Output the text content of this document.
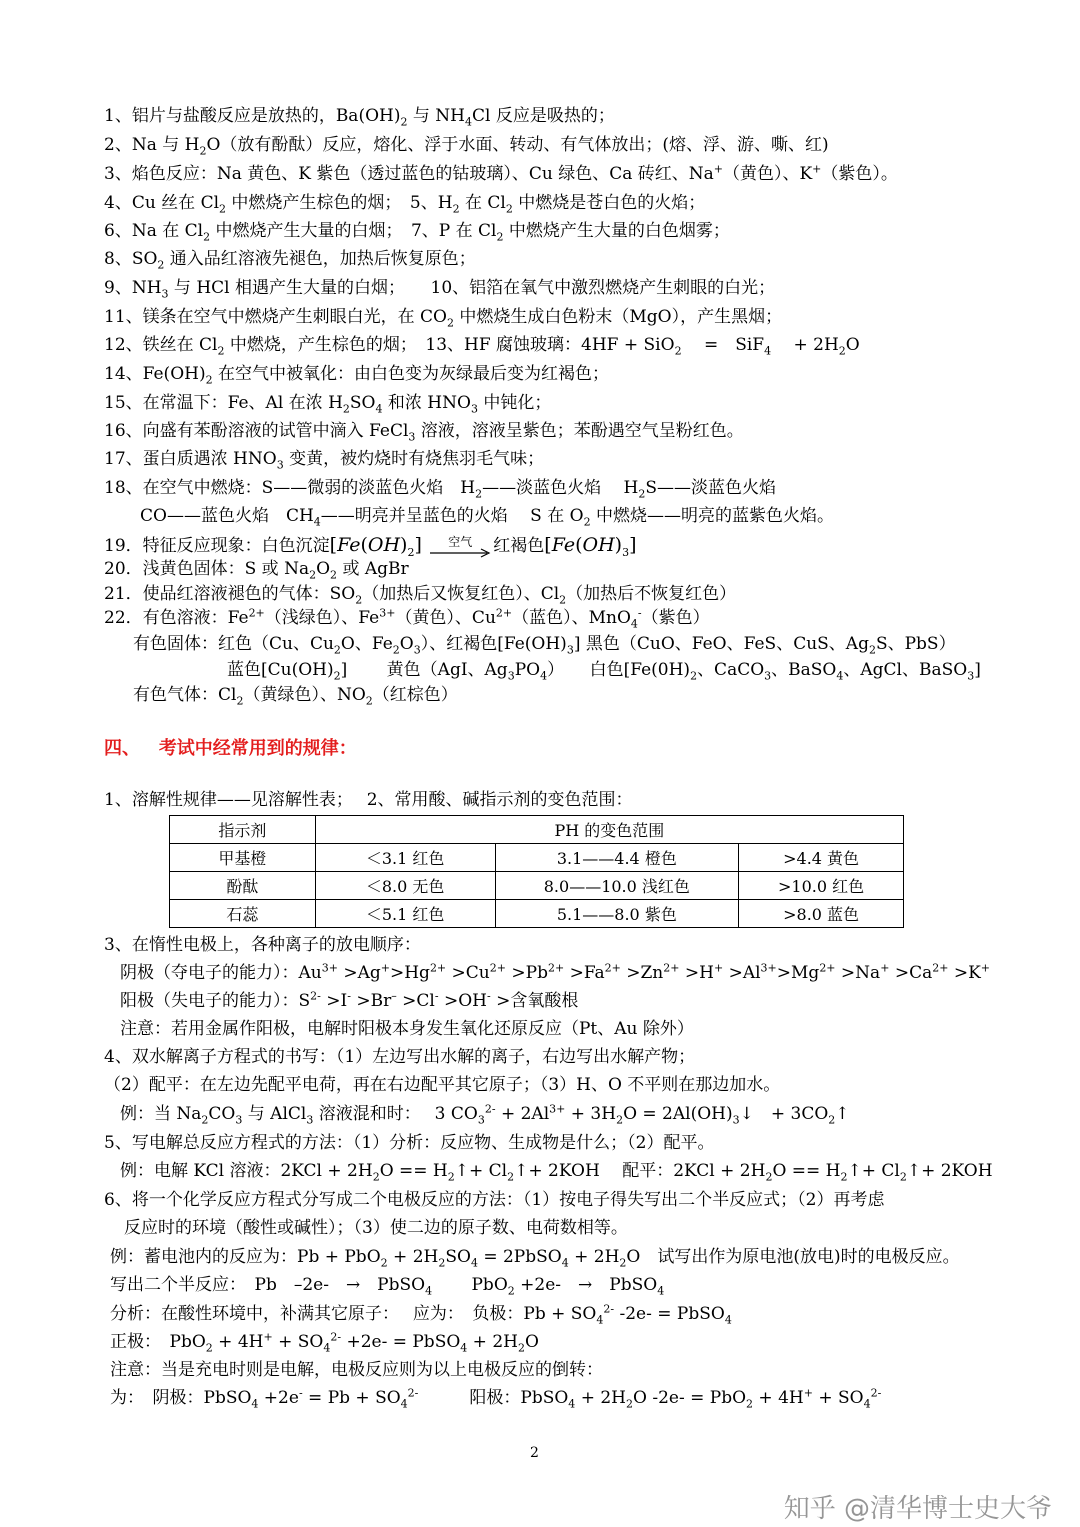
1、铝片与盐酸反应是放热的，$Ba(OH)_2$ 与 $NH_4Cl$ 反应是吸热的；
2、Na 与 $H_2O$（放有酚酞）反应，熔化、浮于水面、转动、有气体放出；(熔、浮、游、嘶、红)
3、焰色反应：Na 黄色、K 紫色（透过蓝色的钴玻璃）、Cu 绿色、Ca 砖红、Na+（黄色）、K+（紫色）。
4、Cu 丝在 $Cl_2$ 中燃烧产生棕色的烟；　5、$H_2$ 在 $Cl_2$ 中燃烧是苍白色的火焰；
6、Na 在 $Cl_2$ 中燃烧产生大量的白烟；　7、P 在 $Cl_2$ 中燃烧产生大量的白色烟雾；
8、$SO_2$ 通入品红溶液先褪色，加热后恢复原色；
9、$NH_3$ 与 HCl 相遇产生大量的白烟；　　10、铝箔在氧气中激烈燃烧产生刺眼的白光；
11、镁条在空气中燃烧产生刺眼白光，在 $CO_2$ 中燃烧生成白色粉末（MgO），产生黑烟；
12、铁丝在 $Cl_2$ 中燃烧，产生棕色的烟；　13、HF 腐蚀玻璃：4HF + SiO$_2$ 　=　SiF$_4$ 　+ $2H_2O$
14、$Fe(OH)_2$ 在空气中被氧化：由白色变为灰绿最后变为红褐色；
15、在常温下：Fe、Al 在浓 $H_2SO_4$ 和浓 $HNO_3$ 中钝化；
16、向盛有苯酚溶液的试管中滴入 FeCl$_3$ 溶液，溶液呈紫色；苯酚遇空气呈粉红色。
17、蛋白质遇浓 $HNO_3$ 变黄，被灼烧时有烧焦羽毛气味；
18、在空气中燃烧：S——微弱的淡蓝色火焰　$H_2——$淡蓝色火焰　 $H_2S——$淡蓝色火焰
CO——蓝色火焰　$CH_4——$明亮并呈蓝色的火焰　 S 在 $O_2$ 中燃烧——明亮的蓝紫色火焰。
19．特征反应现象：白色沉淀$[Fe(OH)_2]$	空气	红褐色$[Fe(OH)_3]$
20．浅黄色固体：S 或 $Na_2O_2$ 或 AgBr
21．使品红溶液褪色的气体：$SO_2$（加热后又恢复红色）、$Cl_2$（加热后不恢复红色）
22．有色溶液：$Fe^{2+}$（浅绿色）、$Fe^{3+}$（黄色）、$Cu^{2+}$（蓝色）、MnO$_4$-（紫色）
有色固体：红色（Cu、$Cu_2O$、$Fe_2O_3$）、红褐色$[Fe(OH)_3]$ 黑色（CuO、FeO、FeS、CuS、$Ag_2S$、PbS）
蓝色$[Cu(OH)_2]$　　 黄色（AgI、$Ag_3PO_4$）　　白色[$Fe(0H)_2$、CaCO$_3$、BaSO$_4$、AgCl、BaSO$_3$]
有色气体：$Cl_2$（黄绿色）、$NO_2$（红棕色）
四、 考试中经常用到的规律：
1、溶解性规律——见溶解性表；　 2、常用酸、碱指示剂的变色范围：
指示剂	PH 的变色范围		
甲基橙	＜3.1 红色	3.1——4.4 橙色	>4.4 黄色
酚酞	＜8.0 无色	8.0——10.0 浅红色	>10.0 红色
石蕊	＜5.1 红色	5.1——8.0 紫色	>8.0 蓝色
3、在惰性电极上，各种离子的放电顺序：
阴极（夺电子的能力）：$Au^{3+} >Ag^+>Hg^{2+} >Cu^{2+} >Pb^{2+} >Fa^{2+} >Zn^{2+} >H^+ >Al^{3+}>Mg^{2+} >Na^+ >Ca^{2+} >K^+$
阳极（失电子的能力）：$S^{2-} >I^- >Br^- >Cl^- >OH^-$ >含氧酸根
注意：若用金属作阳极，电解时阳极本身发生氧化还原反应（Pt、Au 除外）
4、双水解离子方程式的书写：（1）左边写出水解的离子，右边写出水解产物；
（2）配平：在左边先配平电荷，再在右边配平其它原子；（3）H、O 不平则在那边加水。
例：当 $Na_2CO_3$ 与 AlCl$_3$ 溶液混和时：　 3 $CO_3^{2-} + 2Al^{3+} + 3H_2O$ = $2Al(OH)_3↓$　+ $3CO_2↑$
5、写电解总反应方程式的方法：（1）分析：反应物、生成物是什么；（2）配平。
例：电解 KCl 溶液：$2KCl + 2H_2O$ == $H_2↑+$ $Cl_2↑+ 2KOH$　 配平：$2KCl + 2H_2O$ == $H_2↑+$ $Cl_2↑+ 2KOH$
6、将一个化学反应方程式分写成二个电极反应的方法：（1）按电子得失写出二个半反应式；（2）再考虑
反应时的环境（酸性或碱性）；（3）使二边的原子数、电荷数相等。
例：蓄电池内的反应为：$Pb + PbO_2 + 2H_2SO_4$ = 2PbSO$_4$ + $2H_2O$　试写出作为原电池(放电)时的电极反应。
写出二个半反应：　Pb　–2e-　→　PbSO$_4$　　 PbO$_2$ +2e-　→　PbSO$_4$
分析：在酸性环境中，补满其它原子：　 应为：　负极：$Pb + SO_4^{2-}$ -2e- = PbSO$_4$
正极：　$PbO_2 + 4H^+ + SO_4^{2-} +2e-$ = PbSO$_4$ + $2H_2O$
注意：当是充电时则是电解，电极反应则为以上电极反应的倒转：
为：　阴极：PbSO$_4$ $+2e^- = Pb + SO_4^{2-}$　　　阳极：PbSO$_4$ + $2H_2O$ $-2e- = PbO_2 + 4H^+ + SO_4^{2-}$
2
知乎 @清华博士史大爷
